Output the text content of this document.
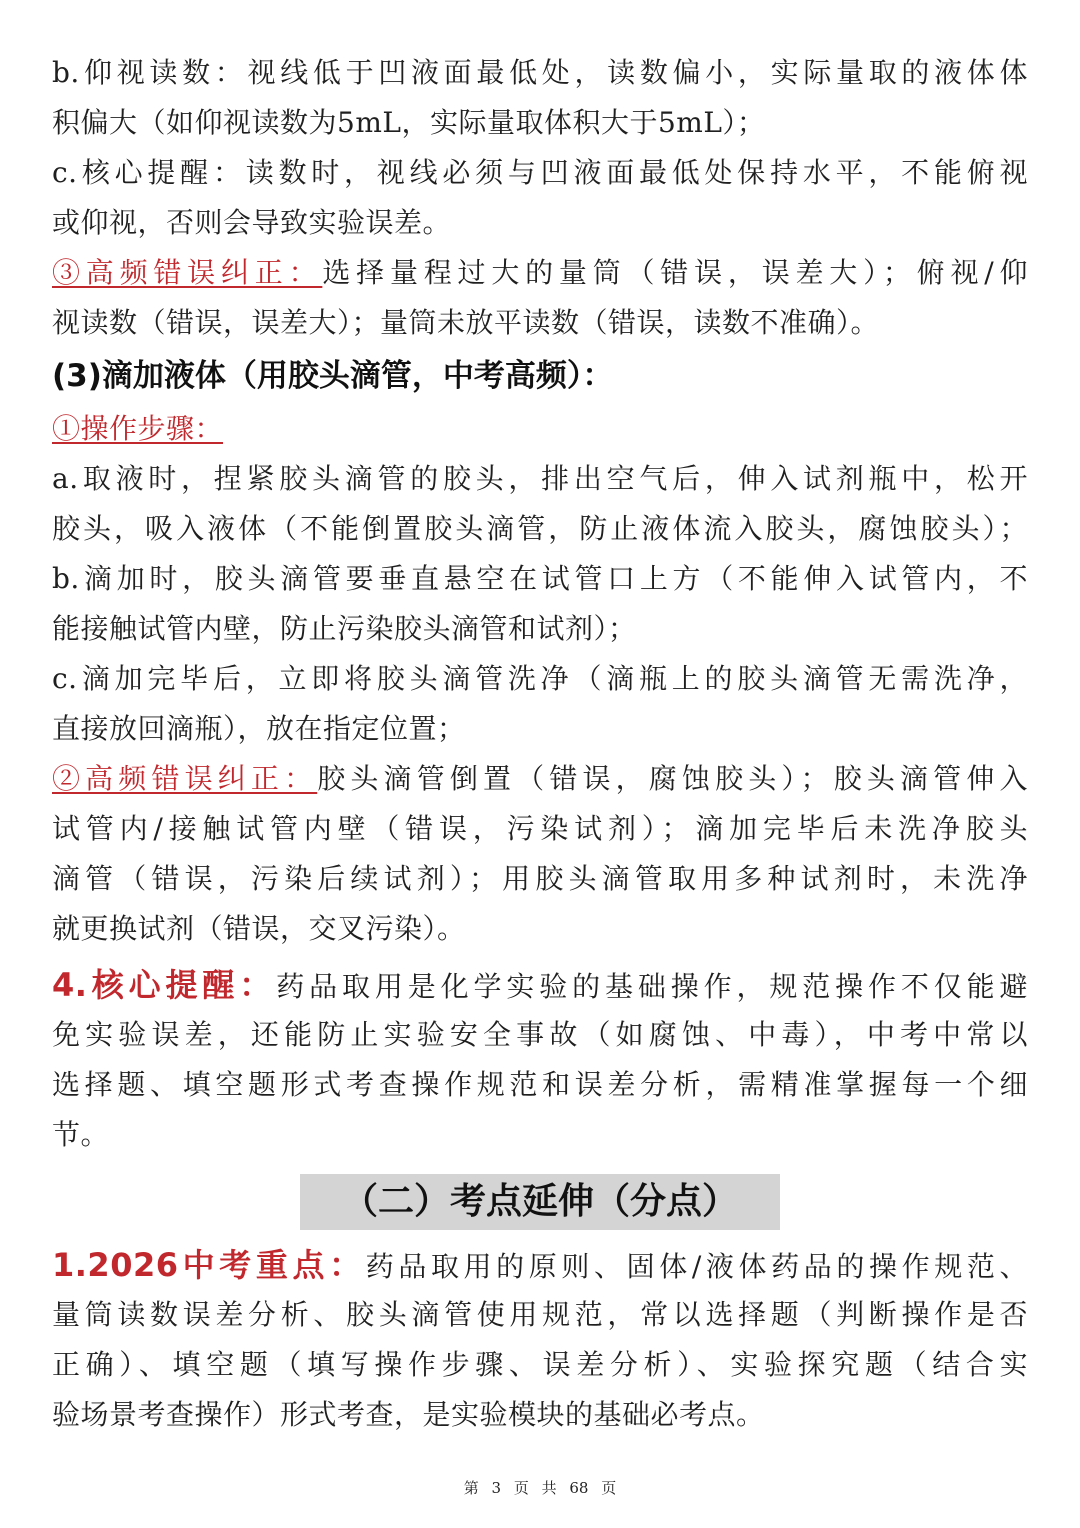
b.仰视读数：视线低于凹液面最低处，读数偏小，实际量取的液体体
积偏大（如仰视读数为5mL，实际量取体积大于5mL）；
c.核心提醒：读数时，视线必须与凹液面最低处保持水平，不能俯视
或仰视，否则会导致实验误差。
③高频错误纠正：选择量程过大的量筒（错误，误差大）；俯视/仰
视读数（错误，误差大）；量筒未放平读数（错误，读数不准确）。
(3)滴加液体（用胶头滴管，中考高频）：
①操作步骤：
a.取液时，捏紧胶头滴管的胶头，排出空气后，伸入试剂瓶中，松开
胶头，吸入液体（不能倒置胶头滴管，防止液体流入胶头，腐蚀胶头）；
b.滴加时，胶头滴管要垂直悬空在试管口上方（不能伸入试管内，不
能接触试管内壁，防止污染胶头滴管和试剂）；
c.滴加完毕后，立即将胶头滴管洗净（滴瓶上的胶头滴管无需洗净，
直接放回滴瓶），放在指定位置；
②高频错误纠正：胶头滴管倒置（错误，腐蚀胶头）；胶头滴管伸入
试管内/接触试管内壁（错误，污染试剂）；滴加完毕后未洗净胶头
滴管（错误，污染后续试剂）；用胶头滴管取用多种试剂时，未洗净
就更换试剂（错误，交叉污染）。
4.核心提醒：药品取用是化学实验的基础操作，规范操作不仅能避
免实验误差，还能防止实验安全事故（如腐蚀、中毒），中考中常以
选择题、填空题形式考查操作规范和误差分析，需精准掌握每一个细
节。
（二）考点延伸（分点）
1.2026中考重点：药品取用的原则、固体/液体药品的操作规范、
量筒读数误差分析、胶头滴管使用规范，常以选择题（判断操作是否
正确）、填空题（填写操作步骤、误差分析）、实验探究题（结合实
验场景考查操作）形式考查，是实验模块的基础必考点。
第 3 页 共 68 页
